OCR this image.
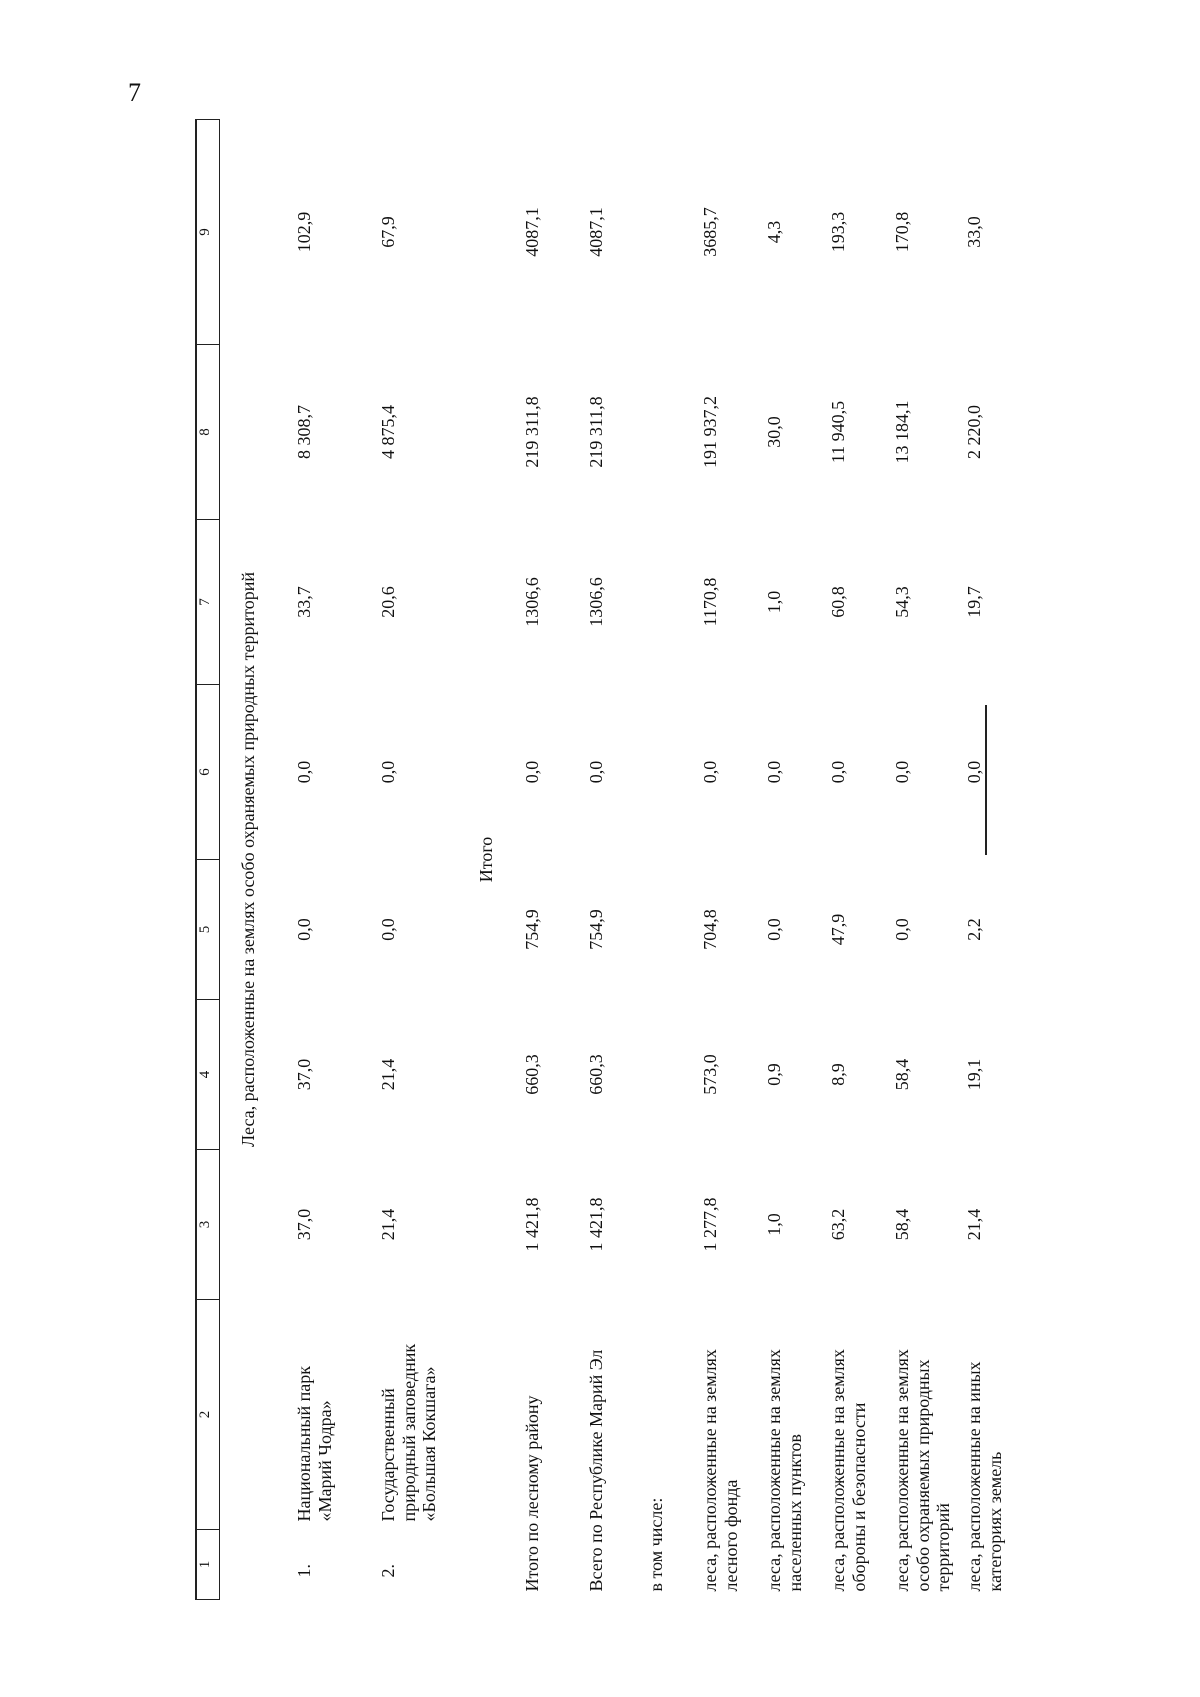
7
1	2	3	4	5	6	7	8	9
Леса, расположенные на землях особо охраняемых природных территорий								
1.	Национальный парк «Марий Чодра»	37,0	37,0	0,0	0,0	33,7	8 308,7	102,9
2.	Государственный природный заповедник «Большая Кокшага»	21,4	21,4	0,0	0,0	20,6	4 875,4	67,9
Итого								
Итого по лесному району		1 421,8	660,3	754,9	0,0	1306,6	219 311,8	4087,1
Всего по Республике Марий Эл		1 421,8	660,3	754,9	0,0	1306,6	219 311,8	4087,1
в том числе:								
леса, расположенные на землях лесного фонда		1 277,8	573,0	704,8	0,0	1170,8	191 937,2	3685,7
леса, расположенные на землях населенных пунктов		1,0	0,9	0,0	0,0	1,0	30,0	4,3
леса, расположенные на землях обороны и безопасности		63,2	8,9	47,9	0,0	60,8	11 940,5	193,3
леса, расположенные на землях особо охраняемых природных территорий		58,4	58,4	0,0	0,0	54,3	13 184,1	170,8
леса, расположенные на иных категориях земель		21,4	19,1	2,2	0,0	19,7	2 220,0	33,0
